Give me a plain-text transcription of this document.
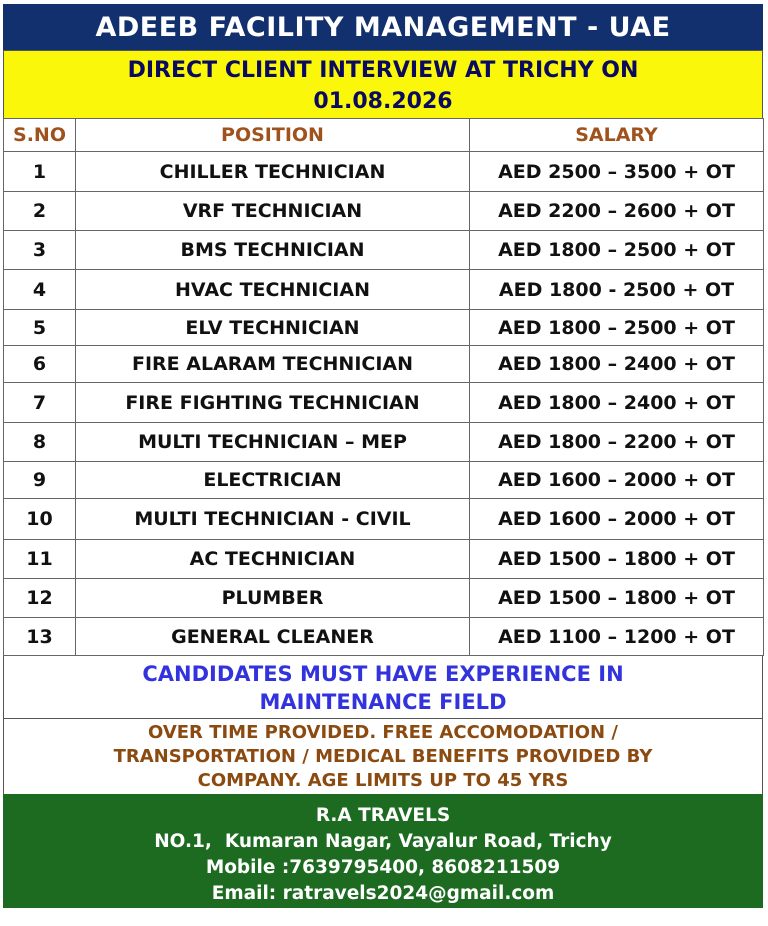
ADEEB FACILITY MANAGEMENT - UAE
DIRECT CLIENT INTERVIEW AT TRICHY ON
01.08.2026
S.NO	POSITION	SALARY
1	CHILLER TECHNICIAN	AED 2500 – 3500 + OT
2	VRF TECHNICIAN	AED 2200 – 2600 + OT
3	BMS TECHNICIAN	AED 1800 – 2500 + OT
4	HVAC TECHNICIAN	AED 1800 - 2500 + OT
5	ELV TECHNICIAN	AED 1800 – 2500 + OT
6	FIRE ALARAM TECHNICIAN	AED 1800 – 2400 + OT
7	FIRE FIGHTING TECHNICIAN	AED 1800 – 2400 + OT
8	MULTI TECHNICIAN – MEP	AED 1800 – 2200 + OT
9	ELECTRICIAN	AED 1600 – 2000 + OT
10	MULTI TECHNICIAN - CIVIL	AED 1600 – 2000 + OT
11	AC TECHNICIAN	AED 1500 – 1800 + OT
12	PLUMBER	AED 1500 – 1800 + OT
13	GENERAL CLEANER	AED 1100 – 1200 + OT
CANDIDATES MUST HAVE EXPERIENCE IN
MAINTENANCE FIELD
OVER TIME PROVIDED. FREE ACCOMODATION /
TRANSPORTATION / MEDICAL BENEFITS PROVIDED BY
COMPANY. AGE LIMITS UP TO 45 YRS
R.A TRAVELS
NO.1,  Kumaran Nagar, Vayalur Road, Trichy
Mobile :7639795400, 8608211509
Email: ratravels2024@gmail.com
